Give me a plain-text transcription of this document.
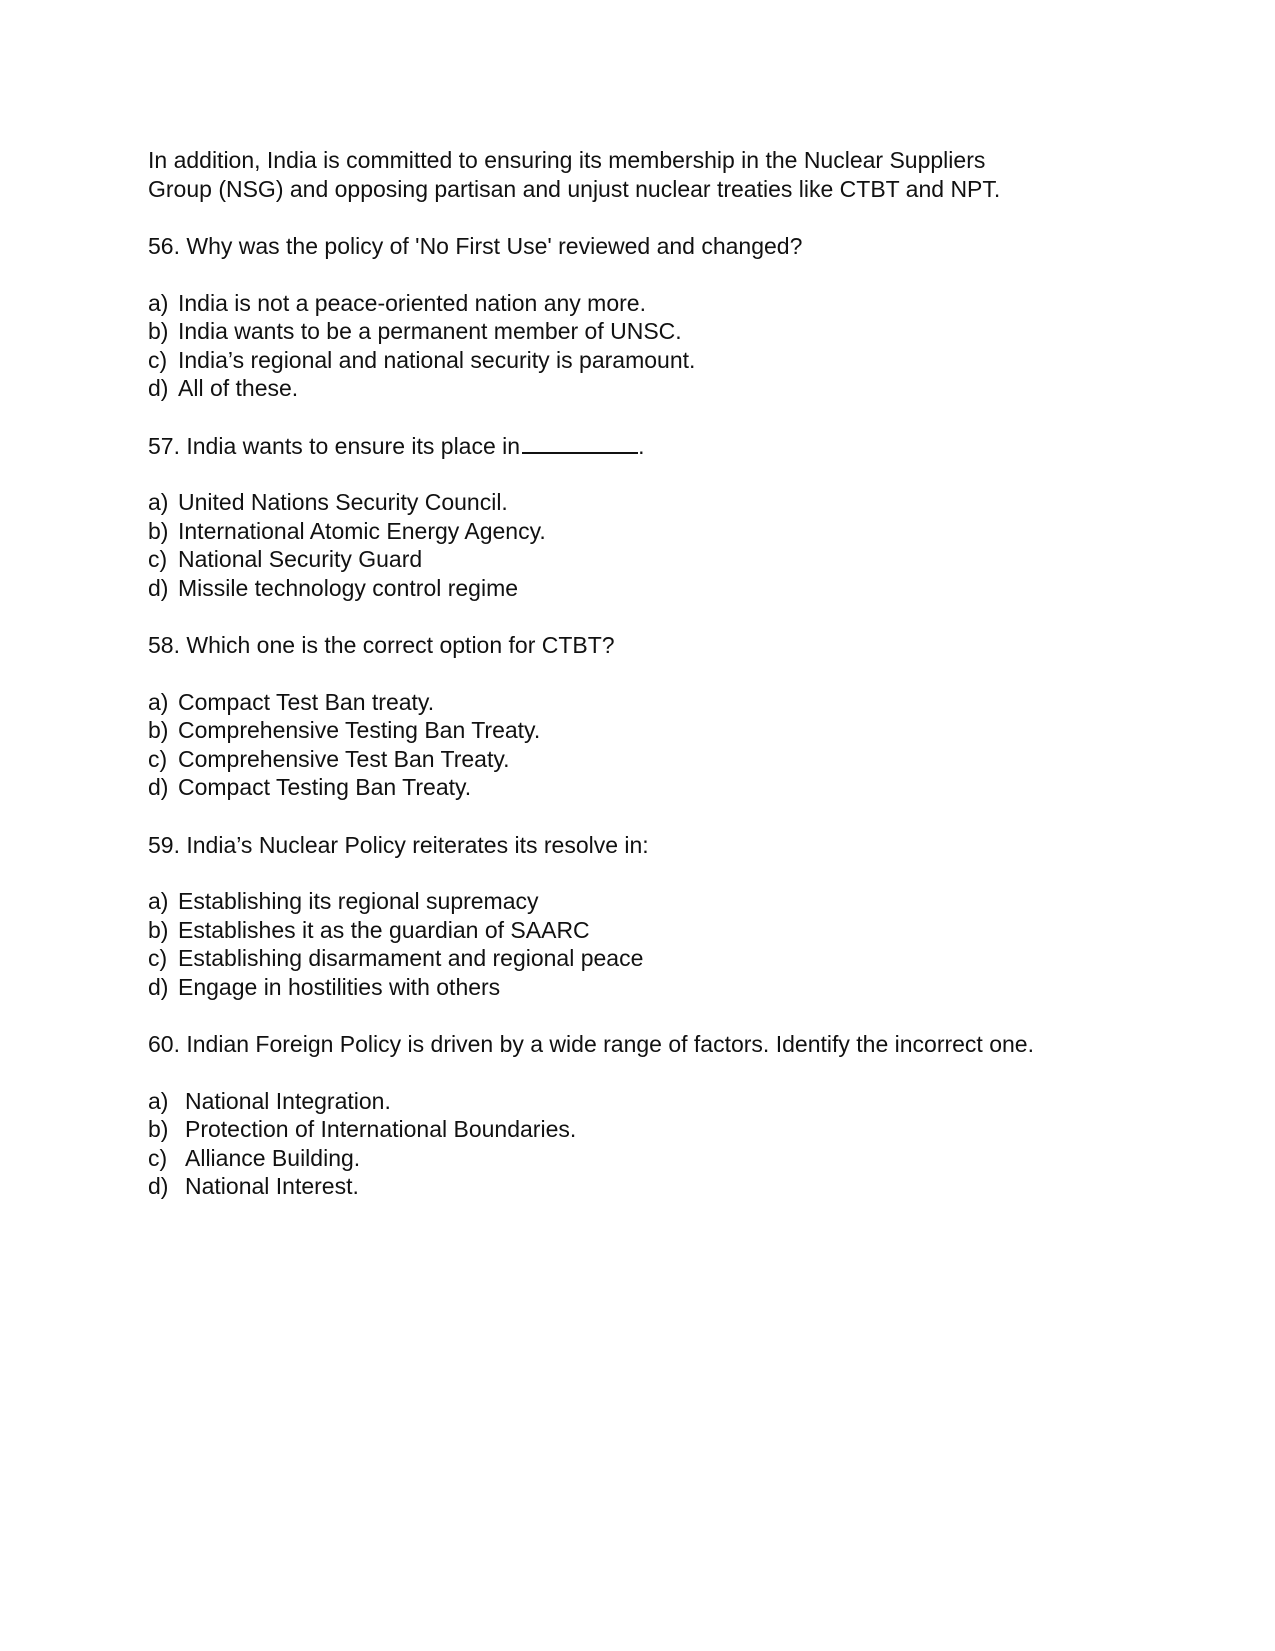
In addition, India is committed to ensuring its membership in the Nuclear Suppliers

Group (NSG) and opposing partisan and unjust nuclear treaties like CTBT and NPT.

56. Why was the policy of 'No First Use' reviewed and changed?

a) India is not a peace-oriented nation any more.
b) India wants to be a permanent member of UNSC.
c) India’s regional and national security is paramount.
d) All of these.

57. India wants to ensure its place in	.

a) United Nations Security Council.
b) International Atomic Energy Agency.
c) National Security Guard
d) Missile technology control regime

58. Which one is the correct option for CTBT?

a) Compact Test Ban treaty.
b) Comprehensive Testing Ban Treaty.
c) Comprehensive Test Ban Treaty.
d) Compact Testing Ban Treaty.

59. India’s Nuclear Policy reiterates its resolve in:

a) Establishing its regional supremacy
b) Establishes it as the guardian of SAARC
c) Establishing disarmament and regional peace
d) Engage in hostilities with others

60. Indian Foreign Policy is driven by a wide range of factors. Identify the incorrect one.

a) National Integration.
b) Protection of International Boundaries.
c) Alliance Building.
d) National Interest.
